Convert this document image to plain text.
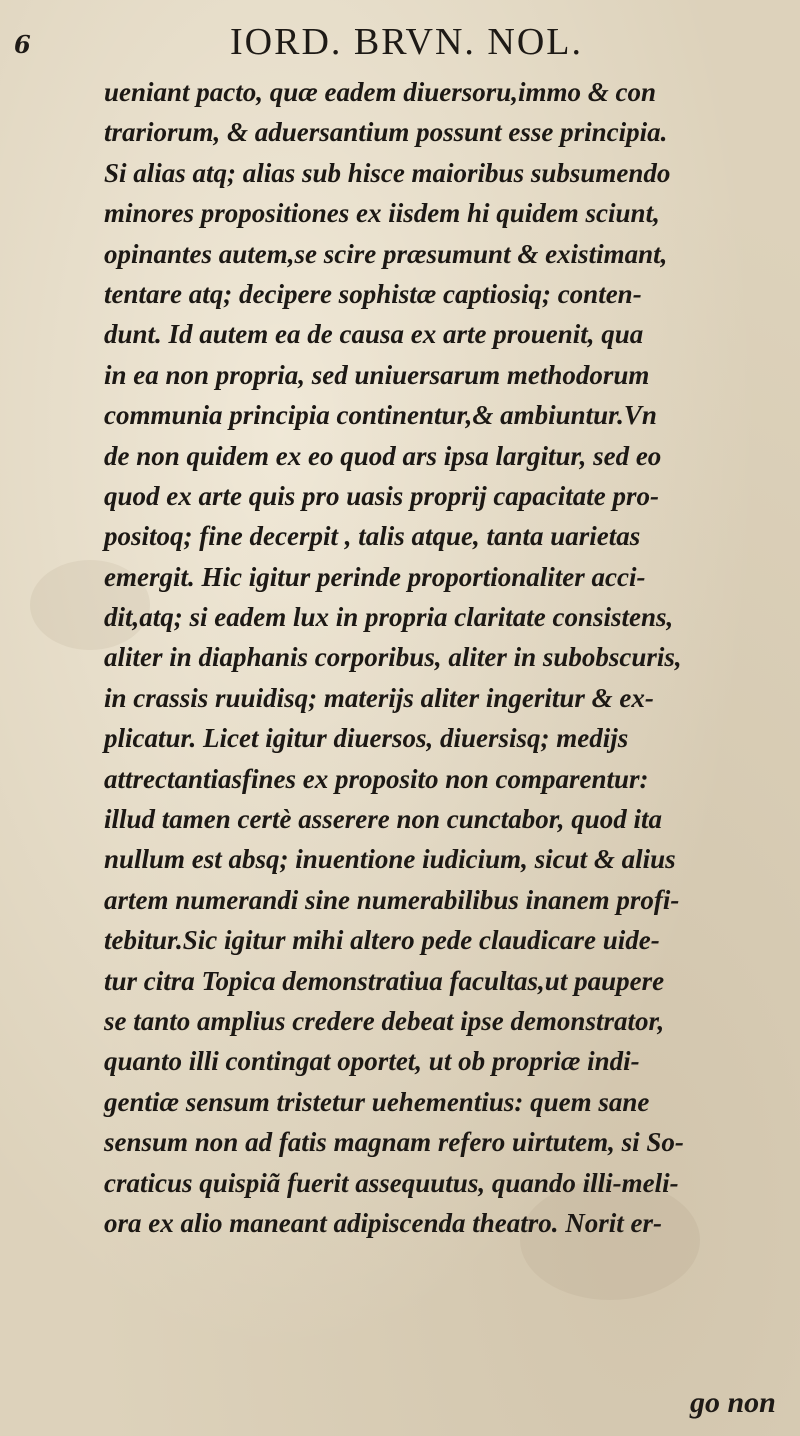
6	IORD. BRVN. NOL.
ueniant pacto, quæ eadem diuersoru,immo & con
trariorum, & aduersantium possunt esse principia.
Si alias atq; alias sub hisce maioribus subsumendo
minores propositiones ex iisdem hi quidem sciunt,
opinantes autem,se scire præsumunt & existimant,
tentare atq; decipere sophistæ captiosiq; conten-
dunt. Id autem ea de causa ex arte prouenit, qua
in ea non propria, sed uniuersarum methodorum
communia principia continentur,& ambiuntur.Vn
de non quidem ex eo quod ars ipsa largitur, sed eo
quod ex arte quis pro uasis proprij capacitate pro-
positoq; fine decerpit , talis atque, tanta uarietas
emergit. Hic igitur perinde proportionaliter acci-
dit,atq; si eadem lux in propria claritate consistens,
aliter in diaphanis corporibus, aliter in subobscuris,
in crassis ruuidisq; materijs aliter ingeritur & ex-
plicatur. Licet igitur diuersos, diuersisq; medijs
attrectantiasfines ex proposito non comparentur:
illud tamen certè asserere non cunctabor, quod ita
nullum est absq; inuentione iudicium, sicut & alius
artem numerandi sine numerabilibus inanem profi-
tebitur.Sic igitur mihi altero pede claudicare uide-
tur citra Topica demonstratiua facultas,ut paupere
se tanto amplius credere debeat ipse demonstrator,
quanto illi contingat oportet, ut ob propriæ indi-
gentiæ sensum tristetur uehementius: quem sane
sensum non ad fatis magnam refero uirtutem, si So-
craticus quispiã fuerit assequutus, quando illi-meli-
ora ex alio maneant adipiscenda theatro. Norit er-
go non
